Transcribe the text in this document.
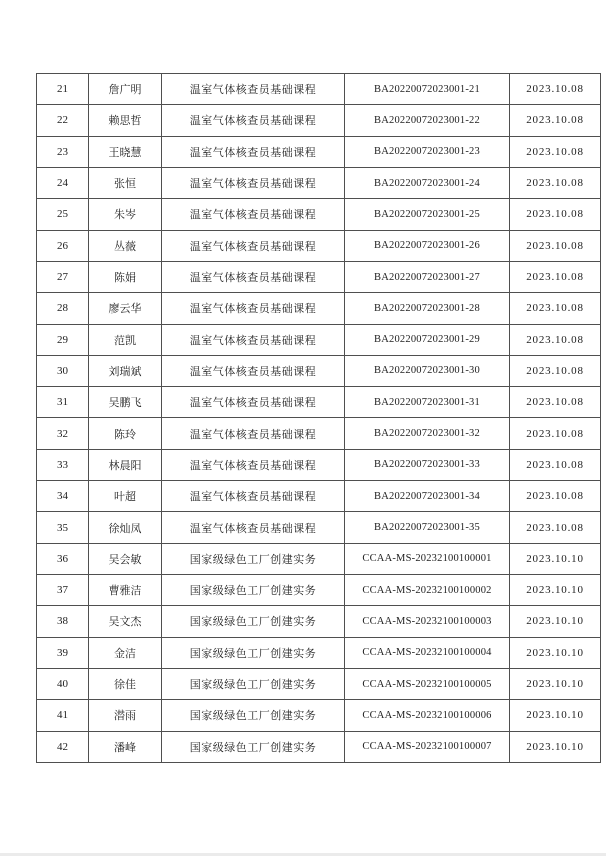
21	詹广明	温室气体核查员基础课程	BA20220072023001-21	2023.10.08
22	赖思哲	温室气体核查员基础课程	BA20220072023001-22	2023.10.08
23	王晓慧	温室气体核查员基础课程	BA20220072023001-23	2023.10.08
24	张恒	温室气体核查员基础课程	BA20220072023001-24	2023.10.08
25	朱岑	温室气体核查员基础课程	BA20220072023001-25	2023.10.08
26	丛薇	温室气体核查员基础课程	BA20220072023001-26	2023.10.08
27	陈娟	温室气体核查员基础课程	BA20220072023001-27	2023.10.08
28	廖云华	温室气体核查员基础课程	BA20220072023001-28	2023.10.08
29	范凯	温室气体核查员基础课程	BA20220072023001-29	2023.10.08
30	刘瑞斌	温室气体核查员基础课程	BA20220072023001-30	2023.10.08
31	吴鹏飞	温室气体核查员基础课程	BA20220072023001-31	2023.10.08
32	陈玲	温室气体核查员基础课程	BA20220072023001-32	2023.10.08
33	林晨阳	温室气体核查员基础课程	BA20220072023001-33	2023.10.08
34	叶超	温室气体核查员基础课程	BA20220072023001-34	2023.10.08
35	徐灿凤	温室气体核查员基础课程	BA20220072023001-35	2023.10.08
36	吴会敏	国家级绿色工厂创建实务	CCAA-MS-20232100100001	2023.10.10
37	曹雅洁	国家级绿色工厂创建实务	CCAA-MS-20232100100002	2023.10.10
38	吴文杰	国家级绿色工厂创建实务	CCAA-MS-20232100100003	2023.10.10
39	金洁	国家级绿色工厂创建实务	CCAA-MS-20232100100004	2023.10.10
40	徐佳	国家级绿色工厂创建实务	CCAA-MS-20232100100005	2023.10.10
41	潜雨	国家级绿色工厂创建实务	CCAA-MS-20232100100006	2023.10.10
42	潘峰	国家级绿色工厂创建实务	CCAA-MS-20232100100007	2023.10.10
